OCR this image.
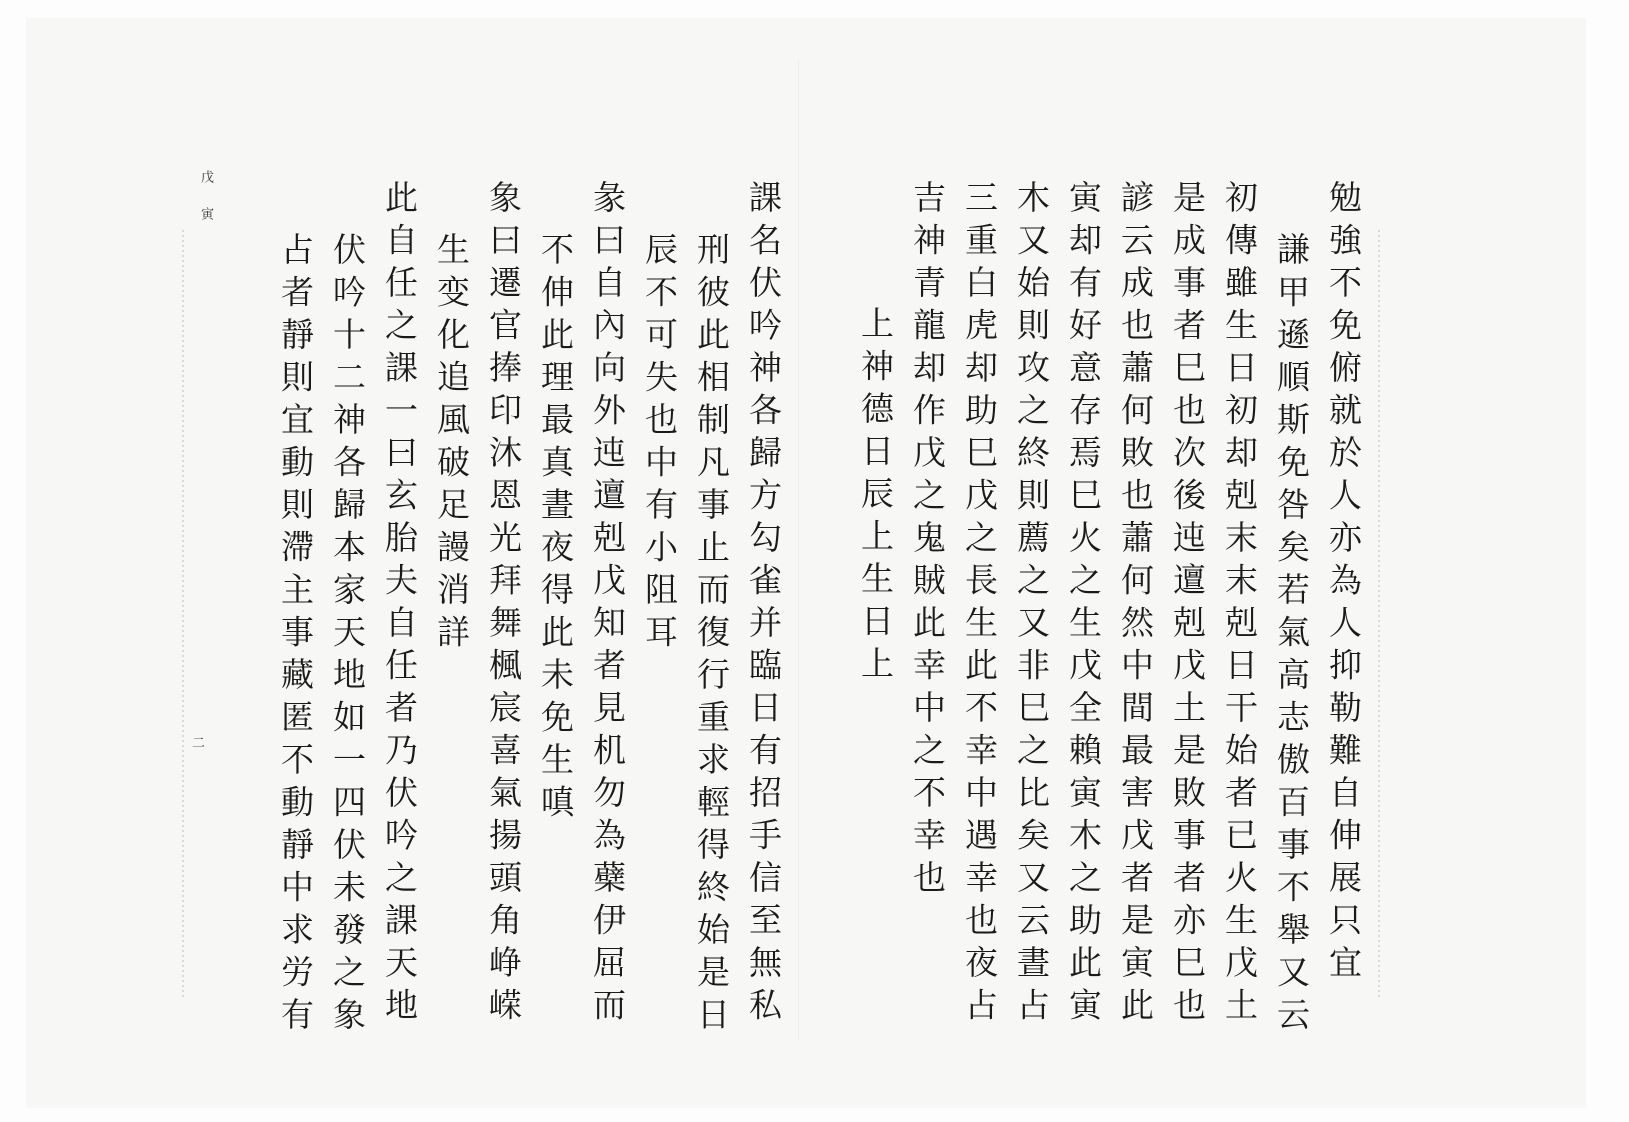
勉強不免俯就於人亦為人抑勒難自伸展只宜
謙甲遜順斯免咎矣若氣高志傲百事不舉又云
初傳雖生日初却剋末末剋日干始者已火生戊土
是成事者巳也次後迍邅剋戊土是敗事者亦巳也
諺云成也蕭何敗也蕭何然中間最害戊者是寅此
寅却有好意存焉巳火之生戊全賴寅木之助此寅
木又始則攻之終則薦之又非巳之比矣又云晝占
三重白虎却助巳戊之長生此不幸中遇幸也夜占
吉神青龍却作戊之鬼賊此幸中之不幸也
上神德日辰上生日上
課名伏吟神各歸方勾雀并臨日有招手信至無私
刑彼此相制凡事止而復行重求輕得終始是日
辰不可失也中有小阻耳
彖曰自內向外迍邅剋戊知者見机勿為蘗伊屈而
不伸此理最真晝夜得此未免生嗔
象曰遷官捧印沐恩光拜舞楓宸喜氣揚頭角峥嵘
生变化追風破足謾消詳
此自任之課一曰玄胎夫自任者乃伏吟之課天地
伏吟十二神各歸本家天地如一四伏未發之象
占者靜則宜動則滯主事藏匿不動靜中求労有
戊寅
二
